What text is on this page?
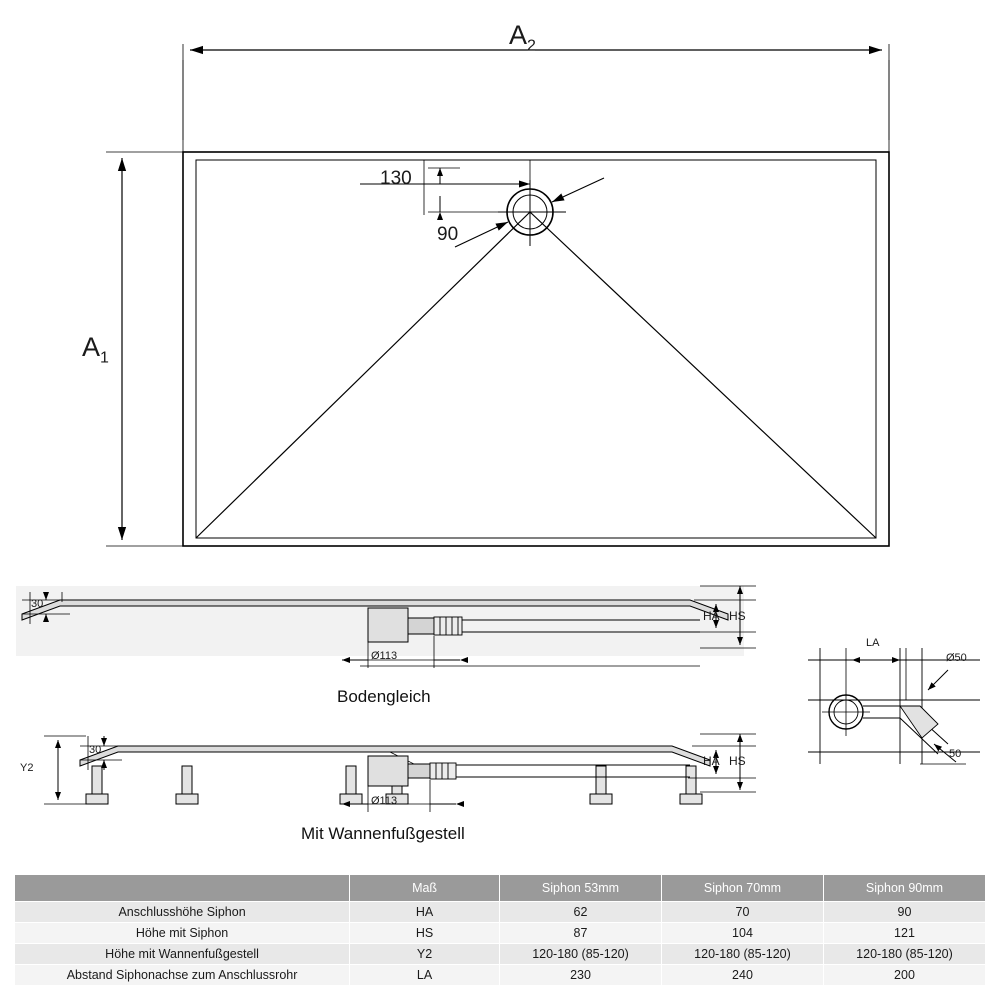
$A_2$
$A_1$
130
90
30
Ø113
HA HS
Bodengleich
30
Y2
Ø113
HA HS
Mit Wannenfußgestell
LA
Ø50
50
	Maß	Siphon 53mm	Siphon 70mm	Siphon 90mm
Anschlusshöhe Siphon	HA	62	70	90
Höhe mit Siphon	HS	87	104	121
Höhe mit Wannenfußgestell	Y2	120-180 (85-120)	120-180 (85-120)	120-180 (85-120)
Abstand Siphonachse zum Anschlussrohr	LA	230	240	200
